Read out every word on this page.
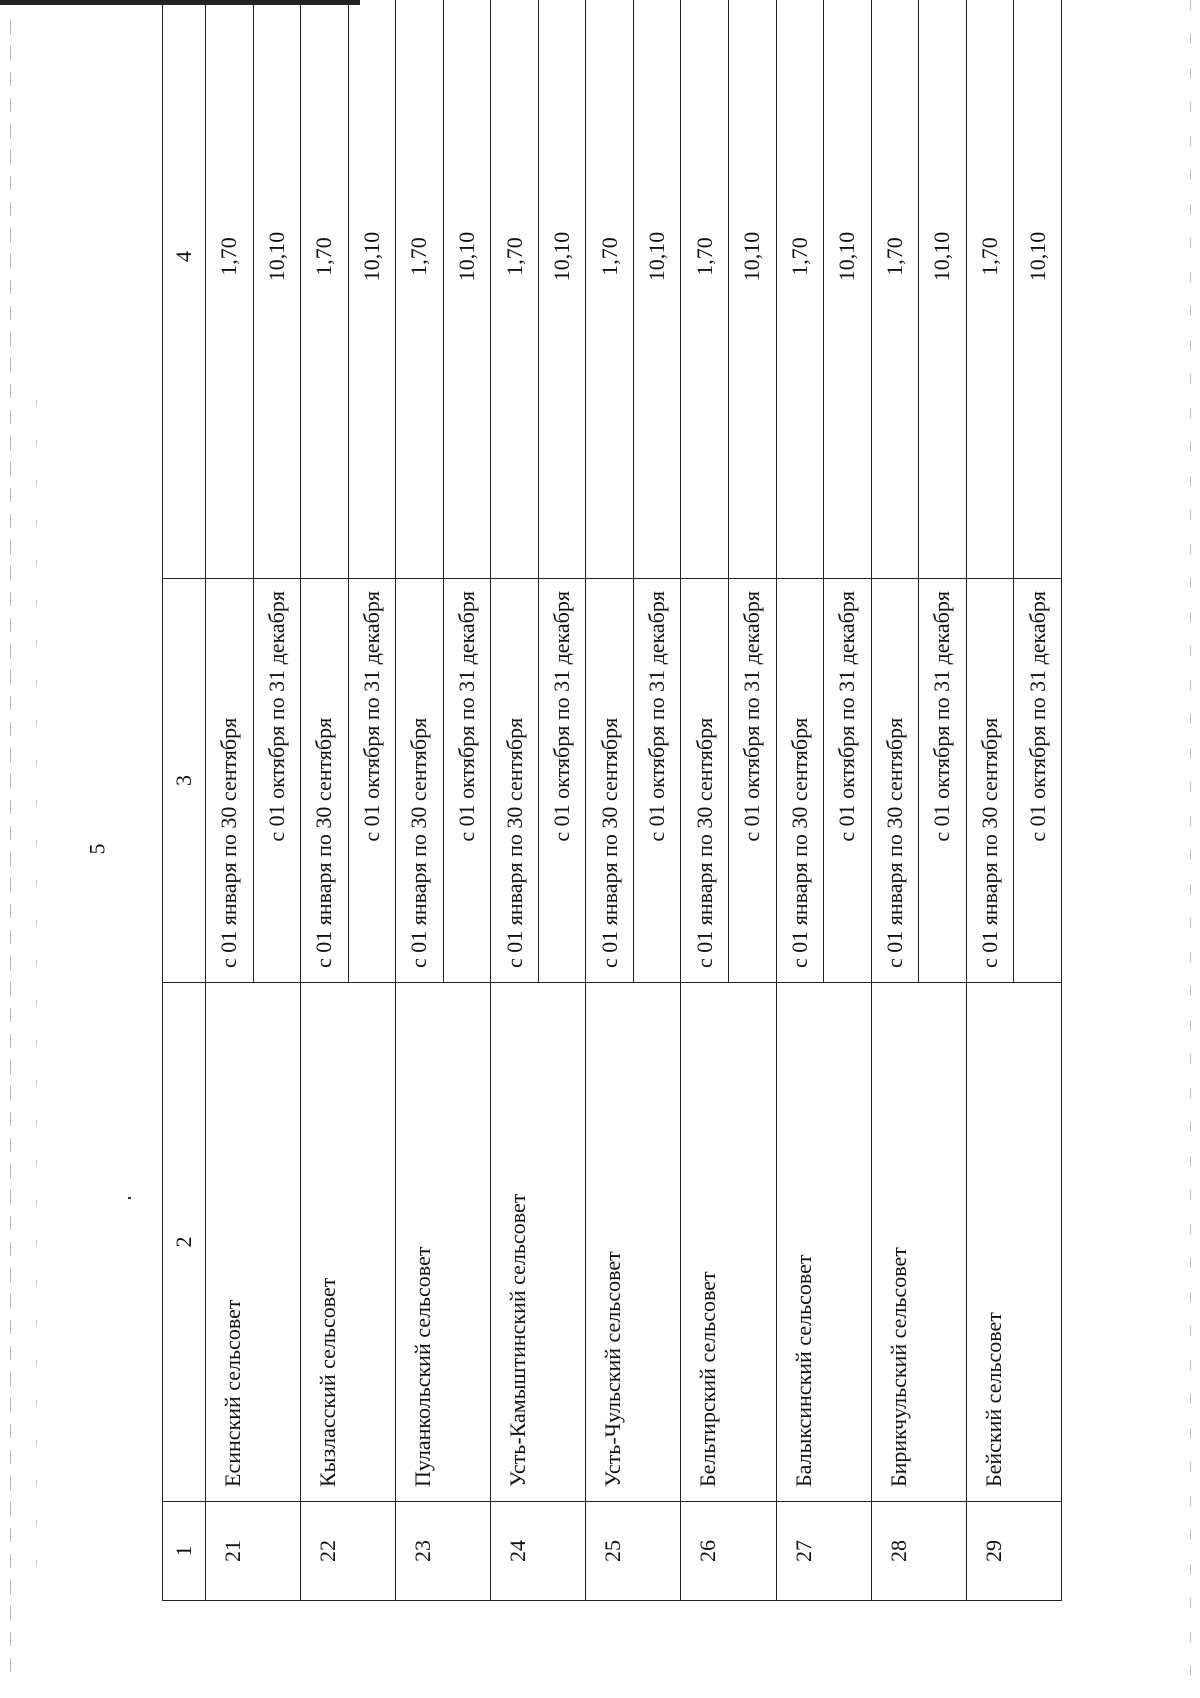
5
1	2	3	4
21	Есинский сельсовет	с 01 января по 30 сентября	1,70
		с 01 октября по 31 декабря	10,10
22	Кызласский сельсовет	с 01 января по 30 сентября	1,70
		с 01 октября по 31 декабря	10,10
23	Пуланкольский сельсовет	с 01 января по 30 сентября	1,70
		с 01 октября по 31 декабря	10,10
24	Усть-Камыштинский сельсовет	с 01 января по 30 сентября	1,70
		с 01 октября по 31 декабря	10,10
25	Усть-Чульский сельсовет	с 01 января по 30 сентября	1,70
		с 01 октября по 31 декабря	10,10
26	Бельтирский сельсовет	с 01 января по 30 сентября	1,70
		с 01 октября по 31 декабря	10,10
27	Балыксинский сельсовет	с 01 января по 30 сентября	1,70
		с 01 октября по 31 декабря	10,10
28	Бирикчульский сельсовет	с 01 января по 30 сентября	1,70
		с 01 октября по 31 декабря	10,10
29	Бейский сельсовет	с 01 января по 30 сентября	1,70
		с 01 октября по 31 декабря	10,10
